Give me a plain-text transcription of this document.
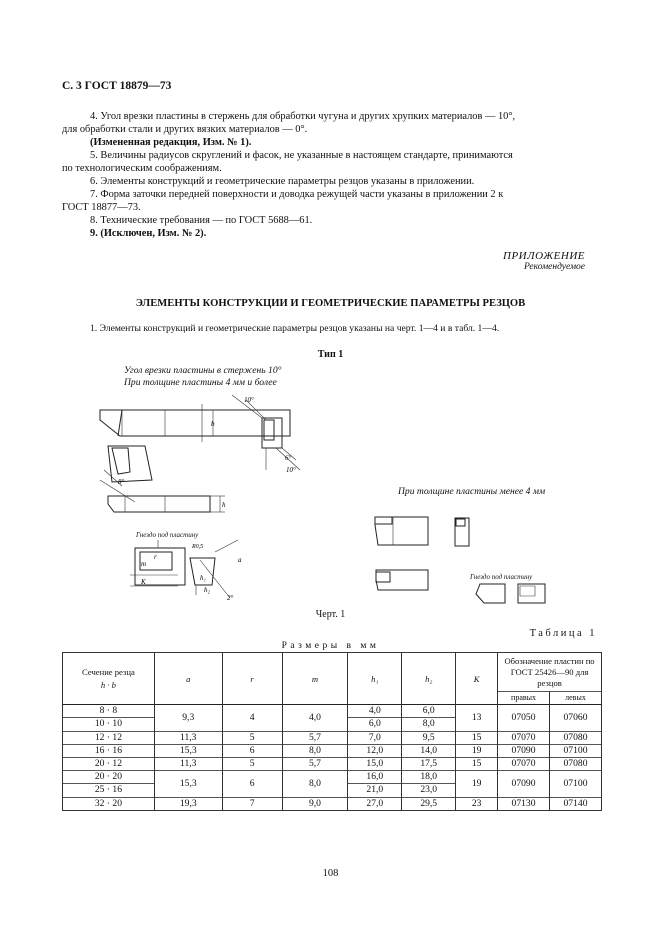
С. 3 ГОСТ 18879—73

4. Угол врезки пластины в стержень для обработки чугуна и других хрупких материалов — 10°,

для обработки стали и других вязких материалов — 0°.

(Измененная редакция, Изм. № 1).

5. Величины радиусов скруглений и фасок, не указанные в настоящем стандарте, принимаются

по технологическим соображениям.

6. Элементы конструкций и геометрические параметры резцов указаны в приложении.

7. Форма заточки передней поверхности и доводка режущей части указаны в приложении 2 к

ГОСТ 18877—73.

8. Технические требования — по ГОСТ 5688—61.

9. (Исключен, Изм. № 2).

ПРИЛОЖЕНИЕ
Рекомендуемое
ЭЛЕМЕНТЫ КОНСТРУКЦИИ И ГЕОМЕТРИЧЕСКИЕ ПАРАМЕТРЫ РЕЗЦОВ
1. Элементы конструкций и геометрические параметры резцов указаны на черт. 1—4 и в табл. 1—4.
Тип 1
Угол врезки пластины в стержень 10°
При толщине пластины 4 мм и более
При толщине пластины менее 4 мм
Гнездо под пластину
Гнездо под пластину
b
10°
6°
10°
8°
h
r
m
K
R0,5
h₁
h₂
a
2°
Черт. 1
Таблица 1
Размеры в мм
Сечение резца
h · b	a	r	m	h₁	h₂	K	Обозначение пластин по ГОСТ 25426—90 для резцов	
							правых	левых
8 · 8	9,3	4	4,0	4,0	6,0	13	07050	07060
10 · 10				6,0	8,0			
12 · 12	11,3	5	5,7	7,0	9,5	15	07070	07080
16 · 16	15,3	6	8,0	12,0	14,0	19	07090	07100
20 · 12	11,3	5	5,7	15,0	17,5	15	07070	07080
20 · 20	15,3	6	8,0	16,0	18,0	19	07090	07100
25 · 16				21,0	23,0			
32 · 20	19,3	7	9,0	27,0	29,5	23	07130	07140
108
